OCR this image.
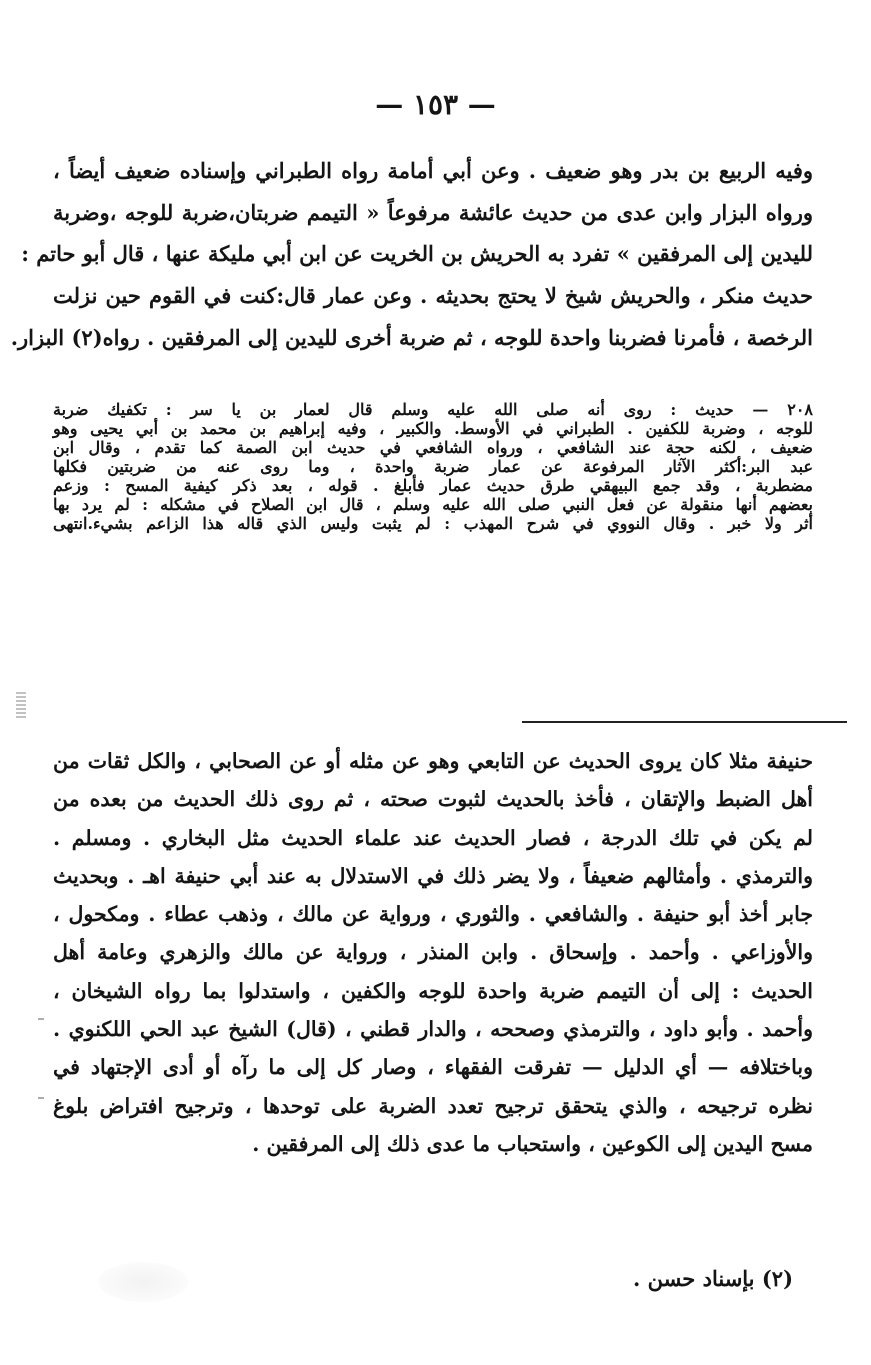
— ١٥٣ —
وفيه الربيع بن بدر وهو ضعيف . وعن أبي أمامة رواه الطبراني وإسناده ضعيف أيضاً ،
ورواه البزار وابن عدى من حديث عائشة مرفوعاً « التيمم ضربتان،ضربة للوجه ،وضربة
لليدين إلى المرفقين » تفرد به الحريش بن الخريت عن ابن أبي مليكة عنها ، قال أبو حاتم :
حديث منكر ، والحريش شيخ لا يحتج بحديثه . وعن عمار قال:كنت في القوم حين نزلت
الرخصة ، فأمرنا فضربنا واحدة للوجه ، ثم ضربة أخرى لليدين إلى المرفقين . رواه(٢) البزار.
٢٠٨ — حديث : روى أنه صلى الله عليه وسلم قال لعمار بن يا سر : تكفيك ضربة
للوجه ، وضربة للكفين . الطبراني في الأوسط. والكبير ، وفيه إبراهيم بن محمد بن أبي يحيى وهو
ضعيف ، لكنه حجة عند الشافعي ، ورواه الشافعي في حديث ابن الصمة كما تقدم ، وقال ابن
عبد البر:أكثر الآثار المرفوعة عن عمار ضربة واحدة ، وما روى عنه من ضربتين فكلها
مضطربة ، وقد جمع البيهقي طرق حديث عمار فأبلغ . قوله ، بعد ذكر كيفية المسح : وزعم
بعضهم أنها منقولة عن فعل النبي صلى الله عليه وسلم ، قال ابن الصلاح في مشكله : لم يرد بها
أثر ولا خبر . وقال النووي في شرح المهذب : لم يثبت وليس الذي قاله هذا الزاعم بشيء.انتهى
حنيفة مثلا كان يروى الحديث عن التابعي وهو عن مثله أو عن الصحابي ، والكل ثقات من
أهل الضبط والإتقان ، فأخذ بالحديث لثبوت صحته ، ثم روى ذلك الحديث من بعده من
لم يكن في تلك الدرجة ، فصار الحديث عند علماء الحديث مثل البخاري . ومسلم .
والترمذي . وأمثالهم ضعيفاً ، ولا يضر ذلك في الاستدلال به عند أبي حنيفة اهـ . وبحديث
جابر أخذ أبو حنيفة . والشافعي . والثوري ، ورواية عن مالك ، وذهب عطاء . ومكحول ،
والأوزاعي . وأحمد . وإسحاق . وابن المنذر ، ورواية عن مالك والزهري وعامة أهل
الحديث : إلى أن التيمم ضربة واحدة للوجه والكفين ، واستدلوا بما رواه الشيخان ،
وأحمد . وأبو داود ، والترمذي وصححه ، والدار قطني ، (قال) الشيخ عبد الحي اللكنوي .
وباختلافه — أي الدليل — تفرقت الفقهاء ، وصار كل إلى ما رآه أو أدى الإجتهاد في
نظره ترجيحه ، والذي يتحقق ترجيح تعدد الضربة على توحدها ، وترجيح افتراض بلوغ
مسح اليدين إلى الكوعين ، واستحباب ما عدى ذلك إلى المرفقين .
(٢) بإسناد حسن .
